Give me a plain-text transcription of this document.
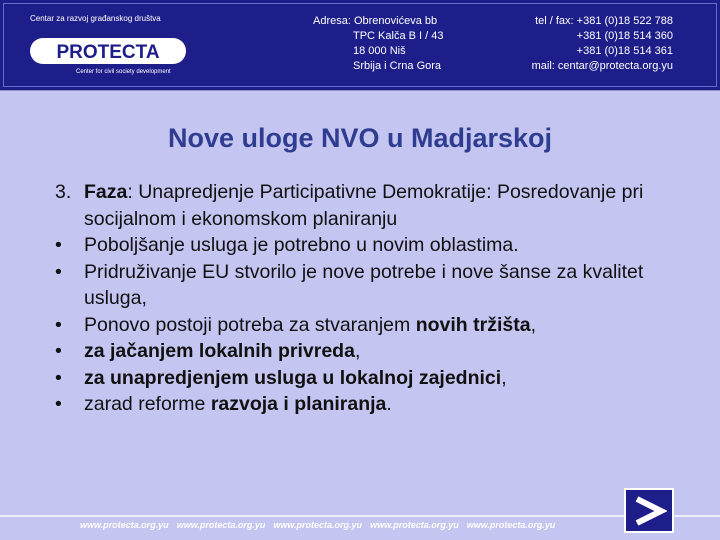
Centar za razvoj građanskog društva
PROTECTA
Center for civil society development
Adresa: Obrenovićeva bb
TPC Kalča B I / 43
18 000 Niš
Srbija i Crna Gora
tel / fax: +381 (0)18 522 788
+381 (0)18 514 360
+381 (0)18 514 361
mail: centar@protecta.org.yu
Nove uloge NVO u Madjarskoj
3. Faza: Unapredjenje Participativne Demokratije: Posredovanje pri socijalnom i ekonomskom planiranju
• Poboljšanje usluga je potrebno u novim oblastima.
• Pridruživanje EU stvorilo je nove potrebe i nove šanse za kvalitet usluga,
• Ponovo postoji potreba za stvaranjem novih tržišta,
• za jačanjem lokalnih privreda,
• za unapredjenjem usluga u lokalnoj zajednici,
• zarad reforme razvoja i planiranja.
www.protecta.org.yu www.protecta.org.yu www.protecta.org.yu www.protecta.org.yu www.protecta.org.yu
>
